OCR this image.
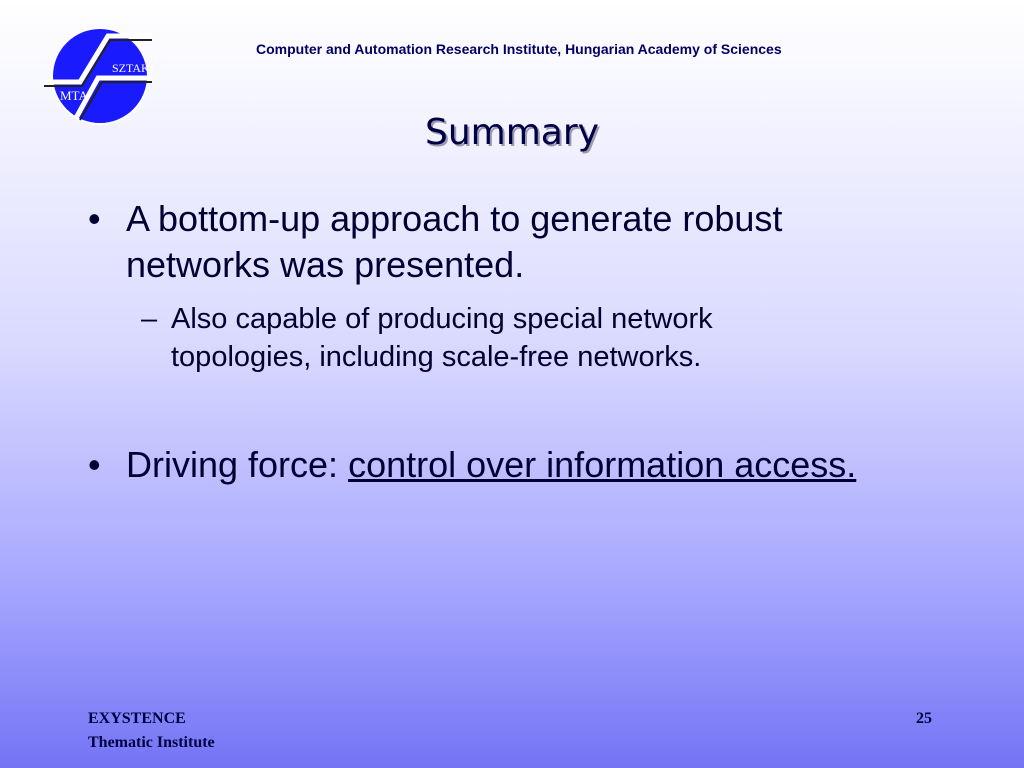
MTA
SZTAKI
Computer and Automation Research Institute, Hungarian Academy of Sciences
Summary
• A bottom-up approach to generate robust networks was presented.
– Also capable of producing special network topologies, including scale-free networks.
• Driving force: control over information access.
EXYSTENCE
Thematic Institute
25
